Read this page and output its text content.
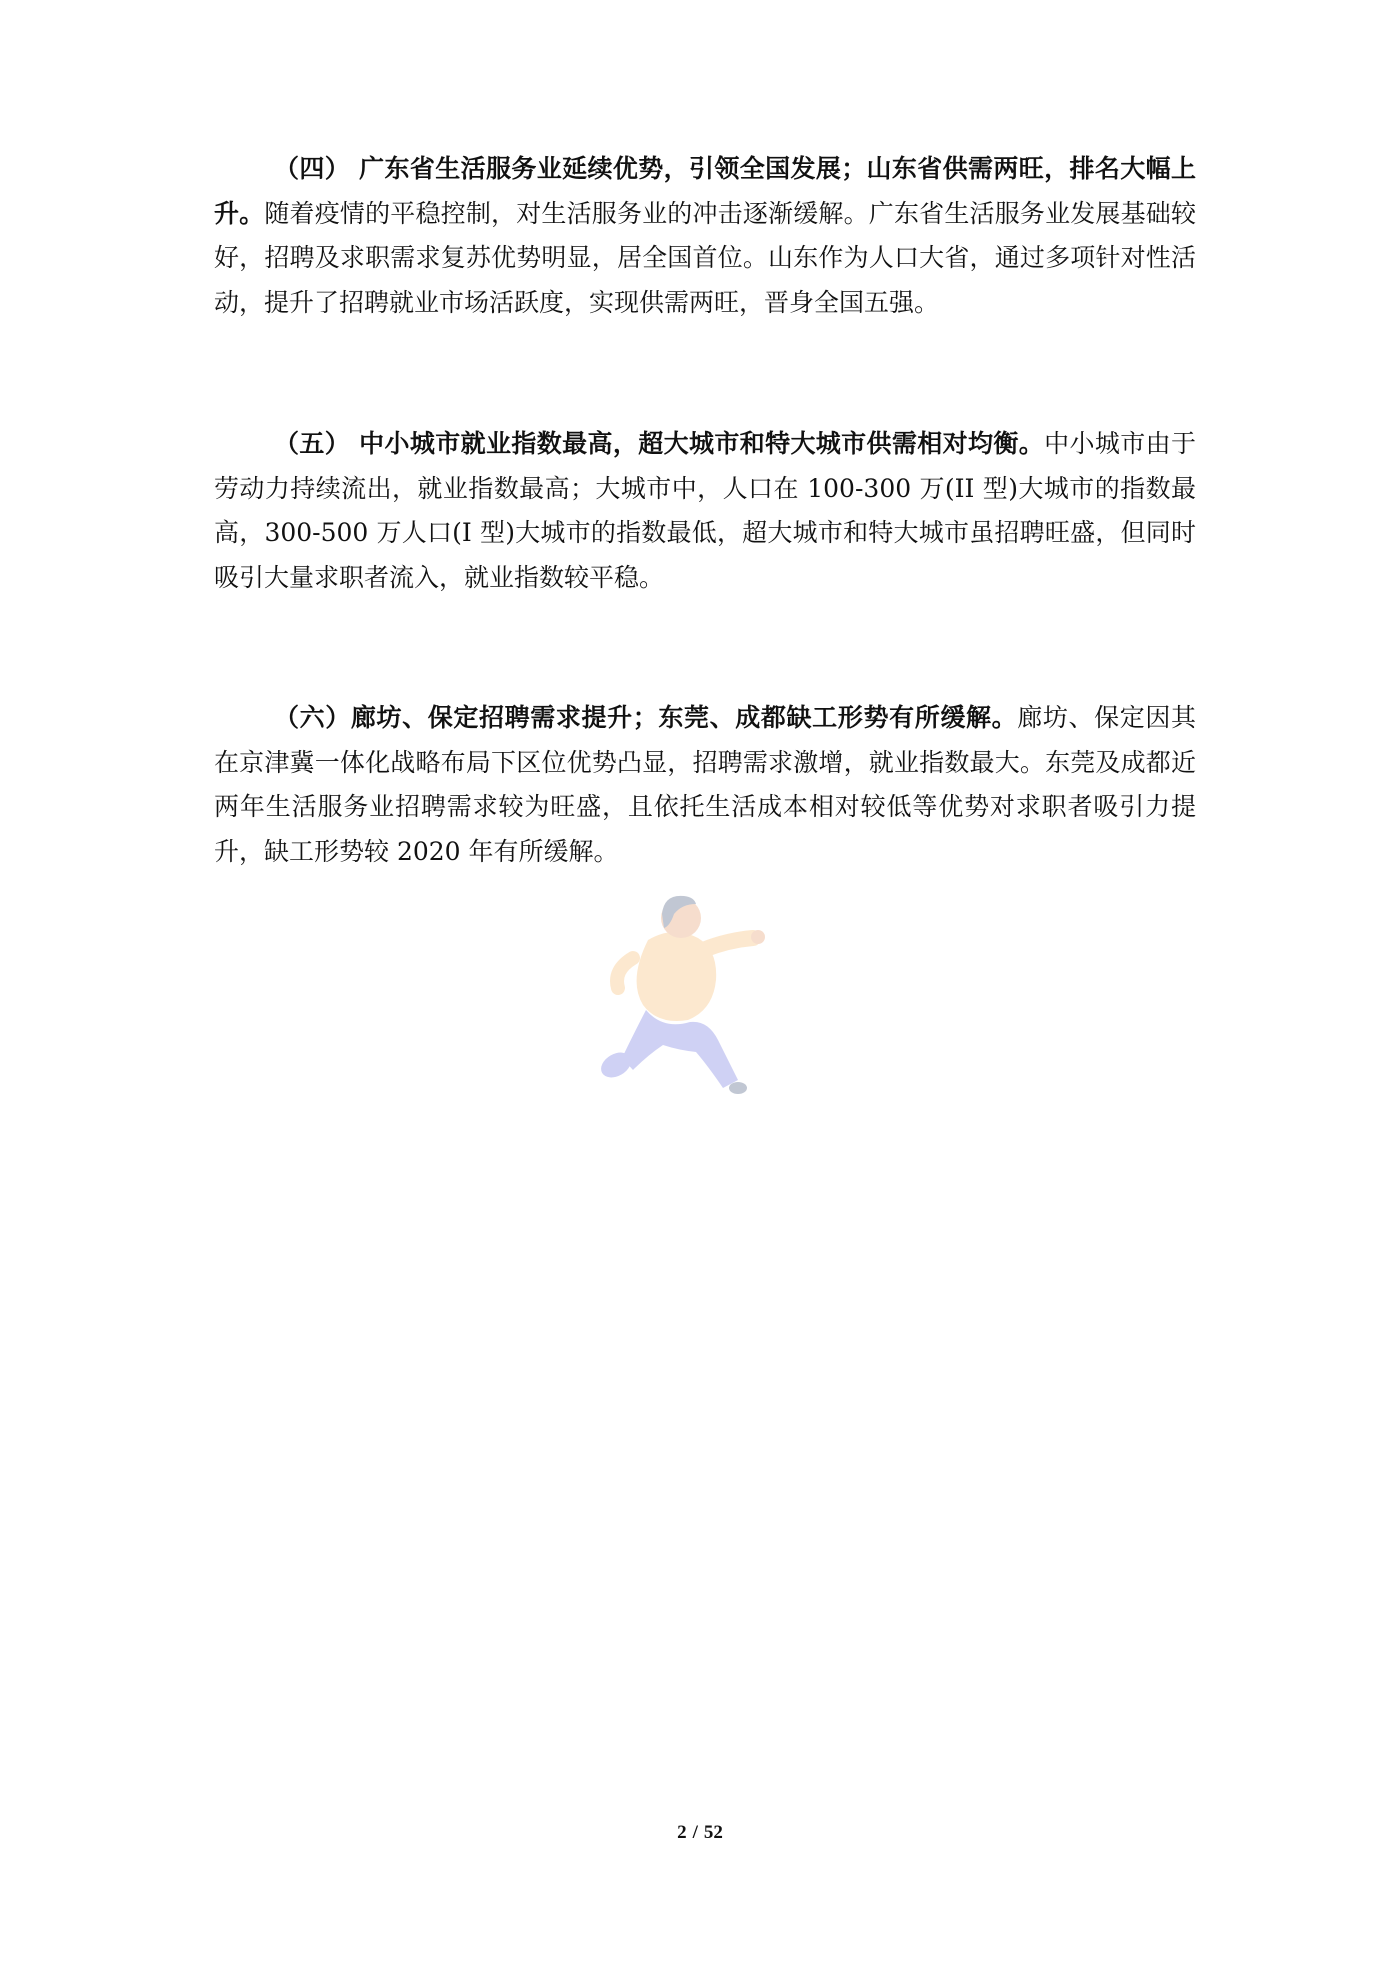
（四） 广东省生活服务业延续优势，引领全国发展；山东省供需两旺，排名大幅上升。随着疫情的平稳控制，对生活服务业的冲击逐渐缓解。广东省生活服务业发展基础较好，招聘及求职需求复苏优势明显，居全国首位。山东作为人口大省，通过多项针对性活动，提升了招聘就业市场活跃度，实现供需两旺，晋身全国五强。

（五） 中小城市就业指数最高，超大城市和特大城市供需相对均衡。中小城市由于劳动力持续流出，就业指数最高；大城市中，人口在 100-300 万(II 型)大城市的指数最高，300-500 万人口(I 型)大城市的指数最低，超大城市和特大城市虽招聘旺盛，但同时吸引大量求职者流入，就业指数较平稳。

（六）廊坊、保定招聘需求提升；东莞、成都缺工形势有所缓解。廊坊、保定因其在京津冀一体化战略布局下区位优势凸显，招聘需求激增，就业指数最大。东莞及成都近两年生活服务业招聘需求较为旺盛，且依托生活成本相对较低等优势对求职者吸引力提升，缺工形势较 2020 年有所缓解。

2 / 52
